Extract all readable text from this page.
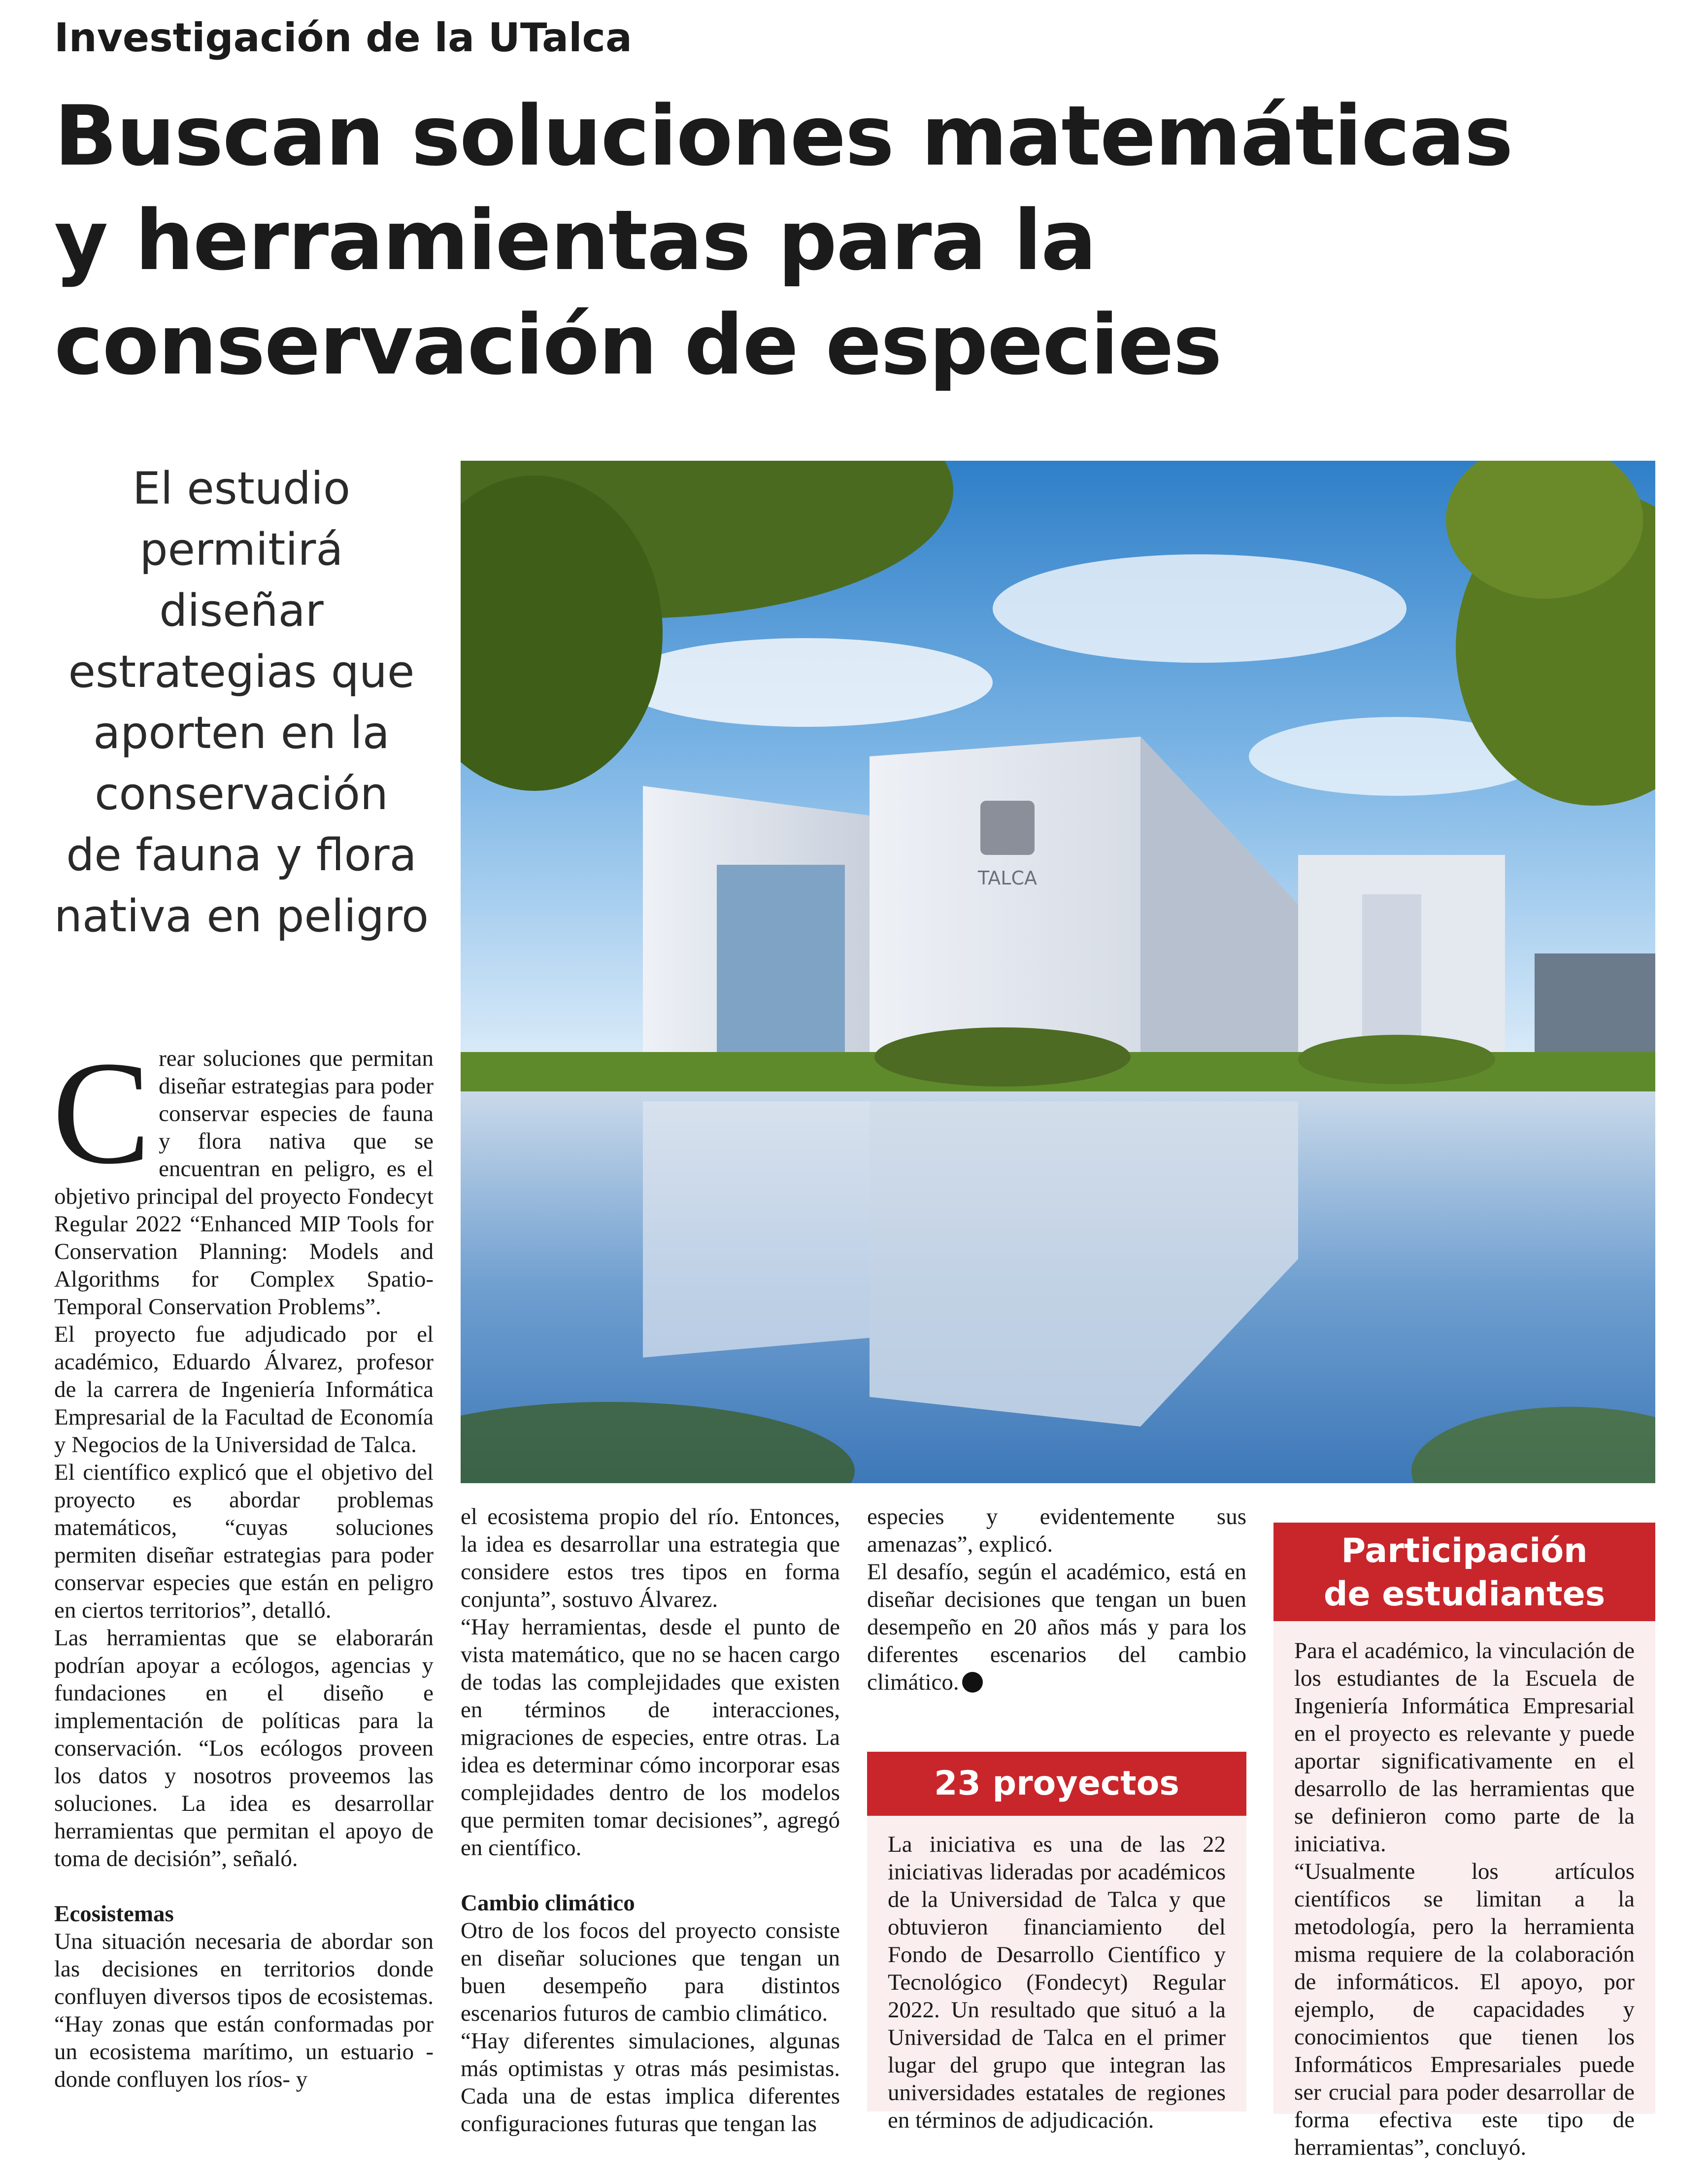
Investigación de la UTalca
Buscan soluciones matemáticas
y herramientas para la
conservación de especies
El estudio
permitirá
diseñar
estrategias que
aporten en la
conservación
de fauna y flora
nativa en peligro
TALCA
C rear soluciones que permitan diseñar estrategias para poder conservar especies de fauna y flora nativa que se encuentran en peligro, es el objetivo principal del proyecto Fondecyt Regular 2022 “Enhanced MIP Tools for Conservation Planning: Models and Algorithms for Complex Spatio-Temporal Conservation Problems”.

El proyecto fue adjudicado por el académico, Eduardo Álvarez, profesor de la carrera de Ingeniería Informática Empresarial de la Facultad de Economía y Negocios de la Universidad de Talca.

El científico explicó que el objetivo del proyecto es abordar problemas matemáticos, “cuyas soluciones permiten diseñar estrategias para poder conservar especies que están en peligro en ciertos territorios”, detalló.

Las herramientas que se elaborarán podrían apoyar a ecólogos, agencias y fundaciones en el diseño e implementación de políticas para la conservación. “Los ecólogos proveen los datos y nosotros proveemos las soluciones. La idea es desarrollar herramientas que permitan el apoyo de toma de decisión”, señaló.

Ecosistemas

Una situación necesaria de abordar son las decisiones en territorios donde confluyen diversos tipos de ecosistemas. “Hay zonas que están conformadas por un ecosistema marítimo, un estuario -donde confluyen los ríos- y

el ecosistema propio del río. Entonces, la idea es desarrollar una estrategia que considere estos tres tipos en forma conjunta”, sostuvo Álvarez.

“Hay herramientas, desde el punto de vista matemático, que no se hacen cargo de todas las complejidades que existen en términos de interacciones, migraciones de especies, entre otras. La idea es determinar cómo incorporar esas complejidades dentro de los modelos que permiten tomar decisiones”, agregó en científico.

Cambio climático

Otro de los focos del proyecto consiste en diseñar soluciones que tengan un buen desempeño para distintos escenarios futuros de cambio climático.

“Hay diferentes simulaciones, algunas más optimistas y otras más pesimistas. Cada una de estas implica diferentes configuraciones futuras que tengan las

especies y evidentemente sus amenazas”, explicó.

El desafío, según el académico, está en diseñar decisiones que tengan un buen desempeño en 20 años más y para los diferentes escenarios del cambio climático.

23 proyectos

La iniciativa es una de las 22 iniciativas lideradas por académicos de la Universidad de Talca y que obtuvieron financiamiento del Fondo de Desarrollo Científico y Tecnológico (Fondecyt) Regular 2022. Un resultado que situó a la Universidad de Talca en el primer lugar del grupo que integran las universidades estatales de regiones en términos de adjudicación.

Participación
de estudiantes

Para el académico, la vinculación de los estudiantes de la Escuela de Ingeniería Informática Empresarial en el proyecto es relevante y puede aportar significativamente en el desarrollo de las herramientas que se definieron como parte de la iniciativa.

“Usualmente los artículos científicos se limitan a la metodología, pero la herramienta misma requiere de la colaboración de informáticos. El apoyo, por ejemplo, de capacidades y conocimientos que tienen los Informáticos Empresariales puede ser crucial para poder desarrollar de forma efectiva este tipo de herramientas”, concluyó.
